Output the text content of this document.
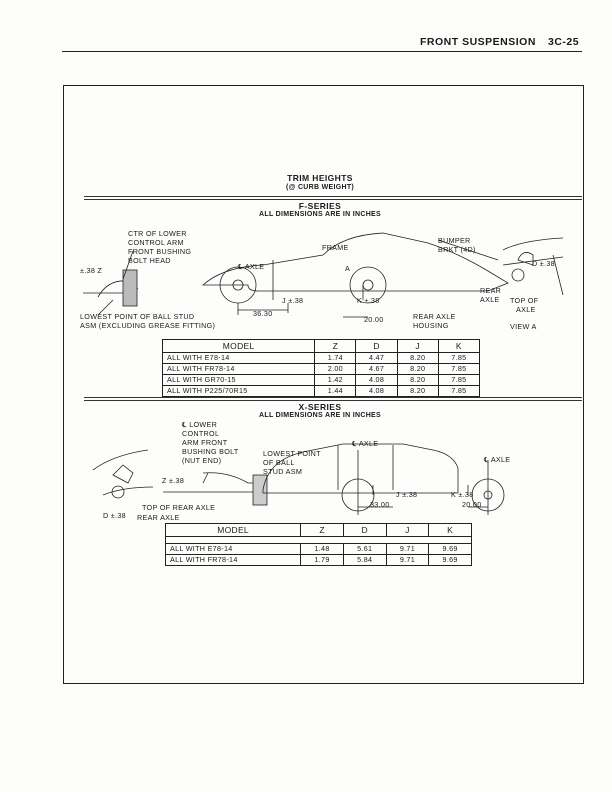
FRONT SUSPENSION 3C-25
TRIM HEIGHTS
(@ CURB WEIGHT)
F-SERIES
ALL DIMENSIONS ARE IN INCHES
CTR OF LOWER
CONTROL ARM
FRONT BUSHING
BOLT HEAD
±.38 Z
LOWEST POINT OF BALL STUD
ASM (EXCLUDING GREASE FITTING)
℄ AXLE
FRAME
A
J ±.38	K ±.38
36.30
20.00	REAR AXLE
HOUSING
BUMPER
BRKT (4D)
D ±.38
REAR
AXLE TOP OF
AXLE
VIEW A
MODEL	Z	D	J	K
ALL WITH E78-14	1.74	4.47	8.20	7.85
ALL WITH FR78-14	2.00	4.67	8.20	7.85
ALL WITH GR70-15	1.42	4.08	8.20	7.85
ALL WITH P225/70R15	1.44	4.08	8.20	7.85
X-SERIES
ALL DIMENSIONS ARE IN INCHES
℄ LOWER
CONTROL
ARM FRONT
BUSHING BOLT
(NUT END)
LOWEST POINT
OF BALL
STUD ASM
Z ±.38
TOP OF REAR AXLE
D ±.38 REAR AXLE
℄ AXLE
℄ AXLE
J ±.38	K ±.38
33.00	20.00
MODEL	Z	D	J	K

ALL WITH E78-14	1.48	5.61	9.71	9.69
ALL WITH FR78-14	1.79	5.84	9.71	9.69
